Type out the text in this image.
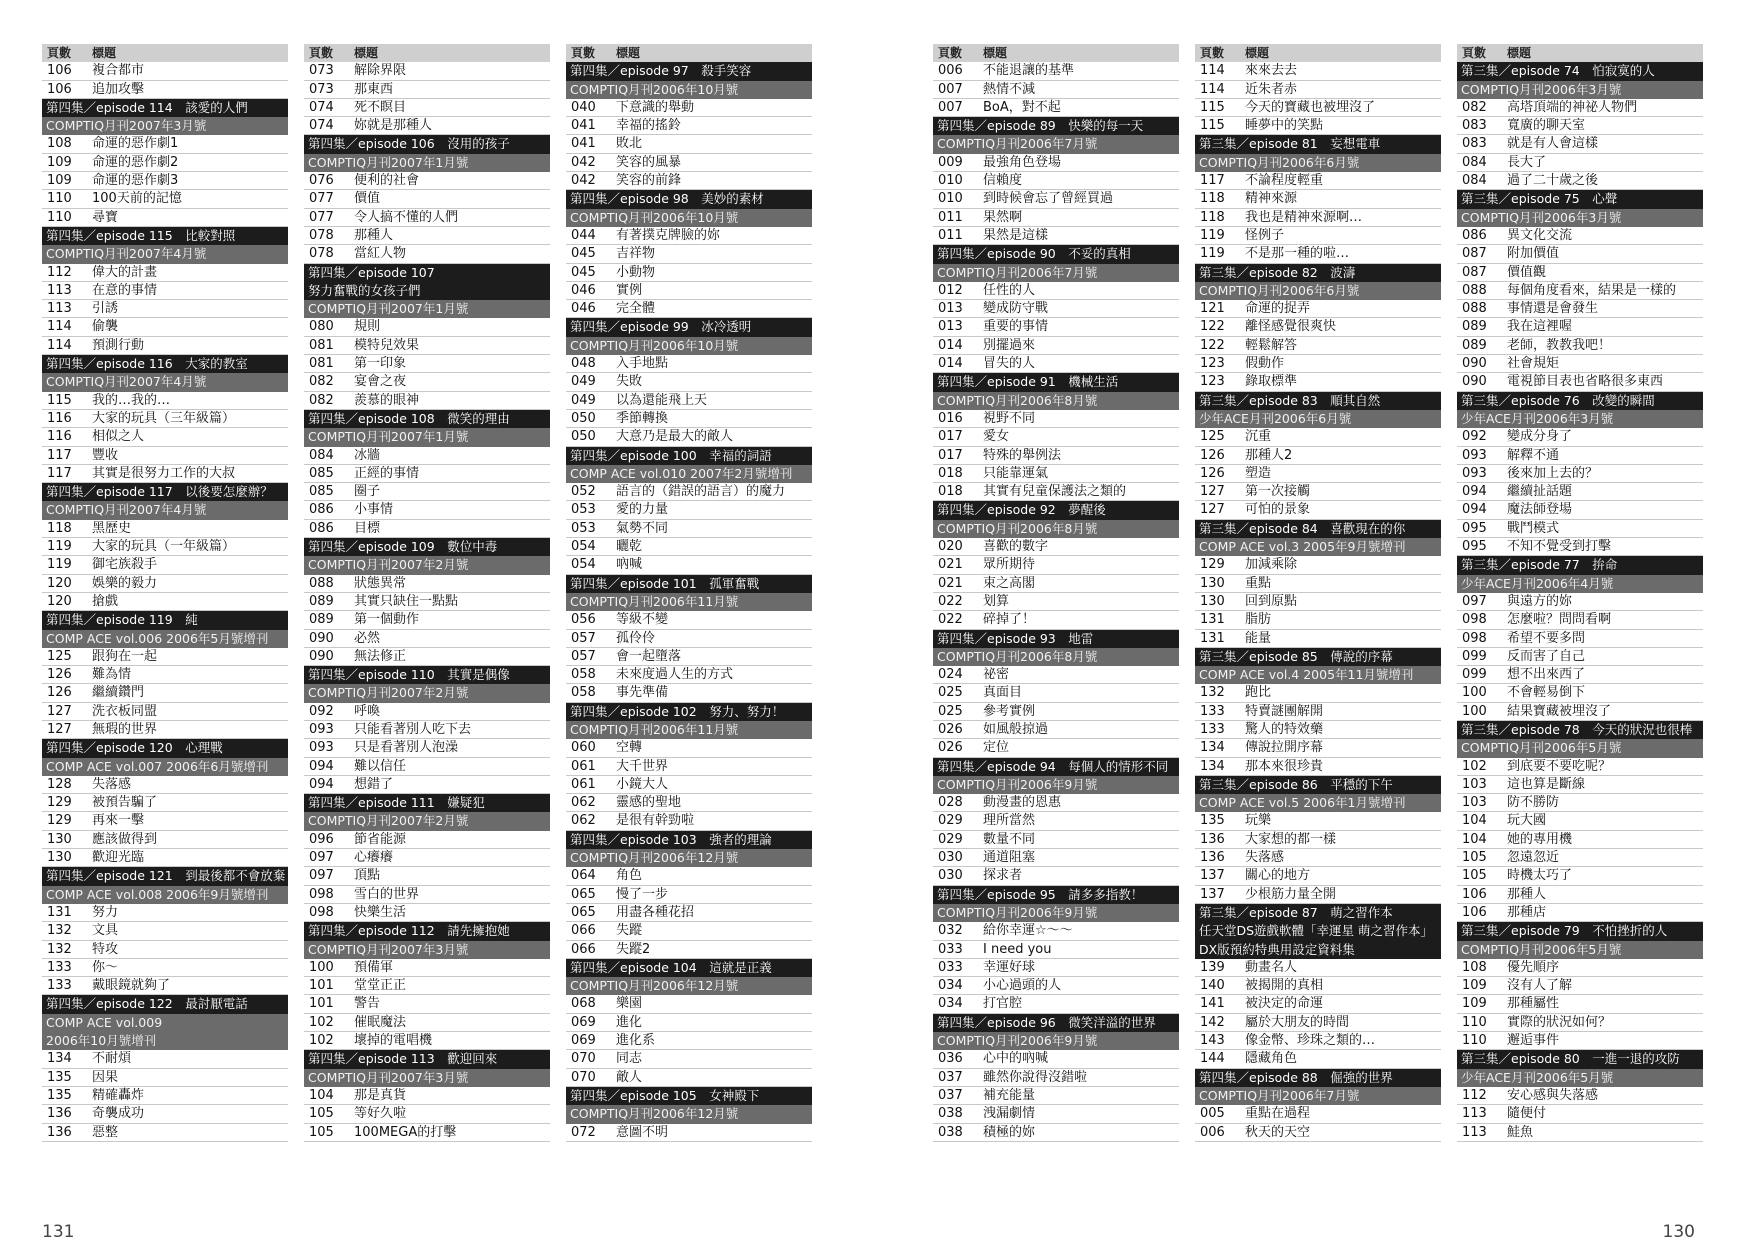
頁數 標題
106 複合都市
106 追加攻擊
第四集／episode 114　該愛的人們
COMPTIQ月刊2007年3月號
108 命運的惡作劇1
109 命運的惡作劇2
109 命運的惡作劇3
110 100天前的記憶
110 尋寶
第四集／episode 115　比較對照
COMPTIQ月刊2007年4月號
112 偉大的計畫
113 在意的事情
113 引誘
114 偷襲
114 預測行動
第四集／episode 116　大家的教室
COMPTIQ月刊2007年4月號
115 我的…我的…
116 大家的玩具（三年級篇）
116 相似之人
117 豐收
117 其實是很努力工作的大叔
第四集／episode 117　以後要怎麼辦？
COMPTIQ月刊2007年4月號
118 黑歷史
119 大家的玩具（一年級篇）
119 御宅族殺手
120 娛樂的毅力
120 搶戲
第四集／episode 119　純
COMP ACE vol.006 2006年5月號增刊
125 跟狗在一起
126 難為情
126 繼續鑽門
127 洗衣板同盟
127 無瑕的世界
第四集／episode 120　心理戰
COMP ACE vol.007 2006年6月號增刊
128 失落感
129 被預告騙了
129 再來一擊
130 應該做得到
130 歡迎光臨
第四集／episode 121　到最後都不會放棄
COMP ACE vol.008 2006年9月號增刊
131 努力
132 文具
132 特攻
133 你～
133 戴眼鏡就夠了
第四集／episode 122　最討厭電話
COMP ACE vol.009
2006年10月號增刊
134 不耐煩
135 因果
135 精確轟炸
136 奇襲成功
136 惡整
頁數 標題
073 解除界限
073 那東西
074 死不瞑目
074 妳就是那種人
第四集／episode 106　沒用的孩子
COMPTIQ月刊2007年1月號
076 便利的社會
077 價值
077 令人搞不懂的人們
078 那種人
078 當紅人物
第四集／episode 107
努力奮戰的女孩子們
COMPTIQ月刊2007年1月號
080 規則
081 模特兒效果
081 第一印象
082 宴會之夜
082 羨慕的眼神
第四集／episode 108　微笑的理由
COMPTIQ月刊2007年1月號
084 冰牆
085 正經的事情
085 圈子
086 小事情
086 目標
第四集／episode 109　數位中毒
COMPTIQ月刊2007年2月號
088 狀態異常
089 其實只缺住一點點
089 第一個動作
090 必然
090 無法修正
第四集／episode 110　其實是偶像
COMPTIQ月刊2007年2月號
092 呼喚
093 只能看著別人吃下去
093 只是看著別人泡澡
094 難以信任
094 想錯了
第四集／episode 111　嫌疑犯
COMPTIQ月刊2007年2月號
096 節省能源
097 心癢癢
097 頂點
098 雪白的世界
098 快樂生活
第四集／episode 112　請先擁抱她
COMPTIQ月刊2007年3月號
100 預備軍
101 堂堂正正
101 警告
102 催眠魔法
102 壞掉的電唱機
第四集／episode 113　歡迎回來
COMPTIQ月刊2007年3月號
104 那是真貨
105 等好久啦
105 100MEGA的打擊
頁數 標題
第四集／episode 97　殺手笑容
COMPTIQ月刊2006年10月號
040 下意識的舉動
041 幸福的搖鈴
041 敗北
042 笑容的風暴
042 笑容的前鋒
第四集／episode 98　美妙的素材
COMPTIQ月刊2006年10月號
044 有著撲克牌臉的妳
045 吉祥物
045 小動物
046 實例
046 完全體
第四集／episode 99　冰冷透明
COMPTIQ月刊2006年10月號
048 入手地點
049 失敗
049 以為還能飛上天
050 季節轉換
050 大意乃是最大的敵人
第四集／episode 100　幸福的詞語
COMP ACE vol.010 2007年2月號增刊
052 語言的（錯誤的語言）的魔力
053 愛的力量
053 氣勢不同
054 曬乾
054 吶喊
第四集／episode 101　孤軍奮戰
COMPTIQ月刊2006年11月號
056 等級不變
057 孤伶伶
057 會一起墮落
058 未來度過人生的方式
058 事先準備
第四集／episode 102　努力、努力！
COMPTIQ月刊2006年11月號
060 空轉
061 大千世界
061 小鏡大人
062 靈感的聖地
062 是很有幹勁啦
第四集／episode 103　強者的理論
COMPTIQ月刊2006年12月號
064 角色
065 慢了一步
065 用盡各種花招
066 失蹤
066 失蹤2
第四集／episode 104　這就是正義
COMPTIQ月刊2006年12月號
068 樂園
069 進化
069 進化系
070 同志
070 敵人
第四集／episode 105　女神殿下
COMPTIQ月刊2006年12月號
072 意圖不明
頁數 標題
006 不能退讓的基準
007 熱情不減
007 BoA，對不起
第四集／episode 89　快樂的每一天
COMPTIQ月刊2006年7月號
009 最強角色登場
010 信賴度
010 到時候會忘了曾經買過
011 果然啊
011 果然是這樣
第四集／episode 90　不妥的真相
COMPTIQ月刊2006年7月號
012 任性的人
013 變成防守戰
013 重要的事情
014 別擺過來
014 冒失的人
第四集／episode 91　機械生活
COMPTIQ月刊2006年8月號
016 視野不同
017 愛女
017 特殊的舉例法
018 只能靠運氣
018 其實有兒童保護法之類的
第四集／episode 92　夢醒後
COMPTIQ月刊2006年8月號
020 喜歡的數字
021 眾所期待
021 束之高閣
022 划算
022 碎掉了！
第四集／episode 93　地雷
COMPTIQ月刊2006年8月號
024 祕密
025 真面目
025 參考實例
026 如風般掠過
026 定位
第四集／episode 94　每個人的情形不同
COMPTIQ月刊2006年9月號
028 動漫畫的恩惠
029 理所當然
029 數量不同
030 通道阻塞
030 探求者
第四集／episode 95　請多多指教！
COMPTIQ月刊2006年9月號
032 給你幸運☆～～
033 I need you
033 幸運好球
034 小心過頭的人
034 打官腔
第四集／episode 96　微笑洋溢的世界
COMPTIQ月刊2006年9月號
036 心中的吶喊
037 雖然你說得沒錯啦
037 補充能量
038 洩漏劇情
038 積極的妳
頁數 標題
114 來來去去
114 近朱者赤
115 今天的寶藏也被埋沒了
115 睡夢中的笑點
第三集／episode 81　妄想電車
COMPTIQ月刊2006年6月號
117 不論程度輕重
118 精神來源
118 我也是精神來源啊…
119 怪例子
119 不是那一種的啦…
第三集／episode 82　波濤
COMPTIQ月刊2006年6月號
121 命運的捉弄
122 離怪感覺很爽快
122 輕鬆解答
123 假動作
123 錄取標準
第三集／episode 83　順其自然
少年ACE月刊2006年6月號
125 沉重
126 那種人2
126 塑造
127 第一次接觸
127 可怕的景象
第三集／episode 84　喜歡現在的你
COMP ACE vol.3 2005年9月號增刊
129 加減乘除
130 重點
130 回到原點
131 脂肪
131 能量
第三集／episode 85　傳說的序幕
COMP ACE vol.4 2005年11月號增刊
132 跑比
133 特賣謎團解開
133 驚人的特效藥
134 傳說拉開序幕
134 那本來很珍貴
第三集／episode 86　平穩的下午
COMP ACE vol.5 2006年1月號增刊
135 玩樂
136 大家想的都一樣
136 失落感
137 關心的地方
137 少根筋力量全開
第三集／episode 87　萌之習作本
任天堂DS遊戲軟體「幸運星 萌之習作本」
DX版預約特典用設定資料集
139 動畫名人
140 被揭開的真相
141 被決定的命運
142 屬於大朋友的時間
143 像金幣、珍珠之類的…
144 隱藏角色
第四集／episode 88　倔強的世界
COMPTIQ月刊2006年7月號
005 重點在過程
006 秋天的天空
頁數 標題
第三集／episode 74　怕寂寞的人
COMPTIQ月刊2006年3月號
082 高塔頂端的神祕人物們
083 寬廣的聊天室
083 就是有人會這樣
084 長大了
084 過了二十歲之後
第三集／episode 75　心聲
COMPTIQ月刊2006年3月號
086 異文化交流
087 附加價值
087 價值觀
088 每個角度看來，結果是一樣的
088 事情還是會發生
089 我在這裡喔
089 老師，教教我吧！
090 社會規矩
090 電視節目表也省略很多東西
第三集／episode 76　改變的瞬間
少年ACE月刊2006年3月號
092 變成分身了
093 解釋不通
093 後來加上去的？
094 繼續扯話題
094 魔法師登場
095 戰鬥模式
095 不知不覺受到打擊
第三集／episode 77　拚命
少年ACE月刊2006年4月號
097 與遠方的妳
098 怎麼啦？問問看啊
098 希望不要多問
099 反而害了自己
099 想不出來西了
100 不會輕易倒下
100 結果寶藏被埋沒了
第三集／episode 78　今天的狀況也很棒
COMPTIQ月刊2006年5月號
102 到底要不要吃呢？
103 這也算是斷線
103 防不勝防
104 玩大國
104 她的專用機
105 忽遠忽近
105 時機太巧了
106 那種人
106 那種店
第三集／episode 79　不怕挫折的人
COMPTIQ月刊2006年5月號
108 優先順序
109 沒有人了解
109 那種屬性
110 實際的狀況如何？
110 邂逅事件
第三集／episode 80　一進一退的攻防
少年ACE月刊2006年5月號
112 安心感與失落感
113 隨便付
113 鮭魚
131	130
